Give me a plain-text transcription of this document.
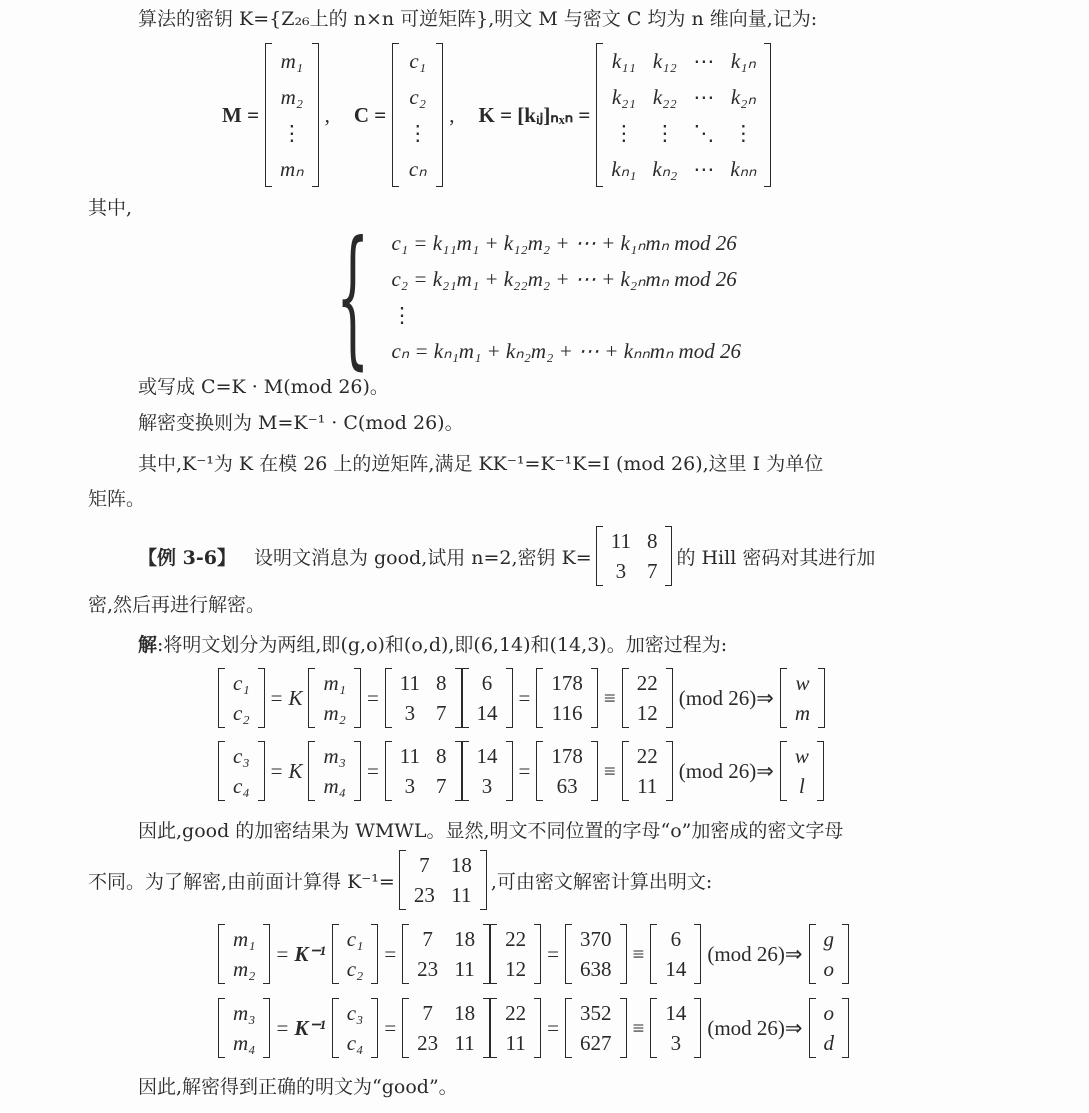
算法的密钥 K={Z₂₆上的 n×n 可逆矩阵},明文 M 与密文 C 均为 n 维向量,记为:
M =
m₁
m₂
⋮
mₙ
, C =
c₁
c₂
⋮
cₙ
, K = [kᵢⱼ]ₙₓₙ =
k₁₁	k₁₂	⋯	k₁ₙ
k₂₁	k₂₂	⋯	k₂ₙ
⋮	⋮	⋱	⋮
kₙ₁	kₙ₂	⋯	kₙₙ
其中,
{ c₁ = k₁₁m₁ + k₁₂m₂ + ⋯ + k₁ₙmₙ mod 26
c₂ = k₂₁m₁ + k₂₂m₂ + ⋯ + k₂ₙmₙ mod 26
⋮
cₙ = kₙ₁m₁ + kₙ₂m₂ + ⋯ + kₙₙmₙ mod 26
或写成 C=K · M(mod 26)。
解密变换则为 M=K⁻¹ · C(mod 26)。
其中,K⁻¹为 K 在模 26 上的逆矩阵,满足 KK⁻¹=K⁻¹K=I (mod 26),这里 I 为单位
矩阵。
【例 3-6】 设明文消息为 good,试用 n=2,密钥 K=
11	8
3	7
的 Hill 密码对其进行加
密,然后再进行解密。
解:将明文划分为两组,即(g,o)和(o,d),即(6,14)和(14,3)。加密过程为:
c₁
c₂
= K
m₁
m₂
=
11	8
3	7
6
14
=
178
116
≡
22
12
(mod 26)⇒
w
m
c₃
c₄
= K
m₃
m₄
=
11	8
3	7
14
3
=
178
63
≡
22
11
(mod 26)⇒
w
l
因此,good 的加密结果为 WMWL。显然,明文不同位置的字母“o”加密成的密文字母
不同。为了解密,由前面计算得 K⁻¹=
7	18
23	11
,可由密文解密计算出明文:
m₁
m₂
= K⁻¹
c₁
c₂
=
7	18
23	11
22
12
=
370
638
≡
6
14
(mod 26)⇒
g
o
m₃
m₄
= K⁻¹
c₃
c₄
=
7	18
23	11
22
11
=
352
627
≡
14
3
(mod 26)⇒
o
d
因此,解密得到正确的明文为“good”。
